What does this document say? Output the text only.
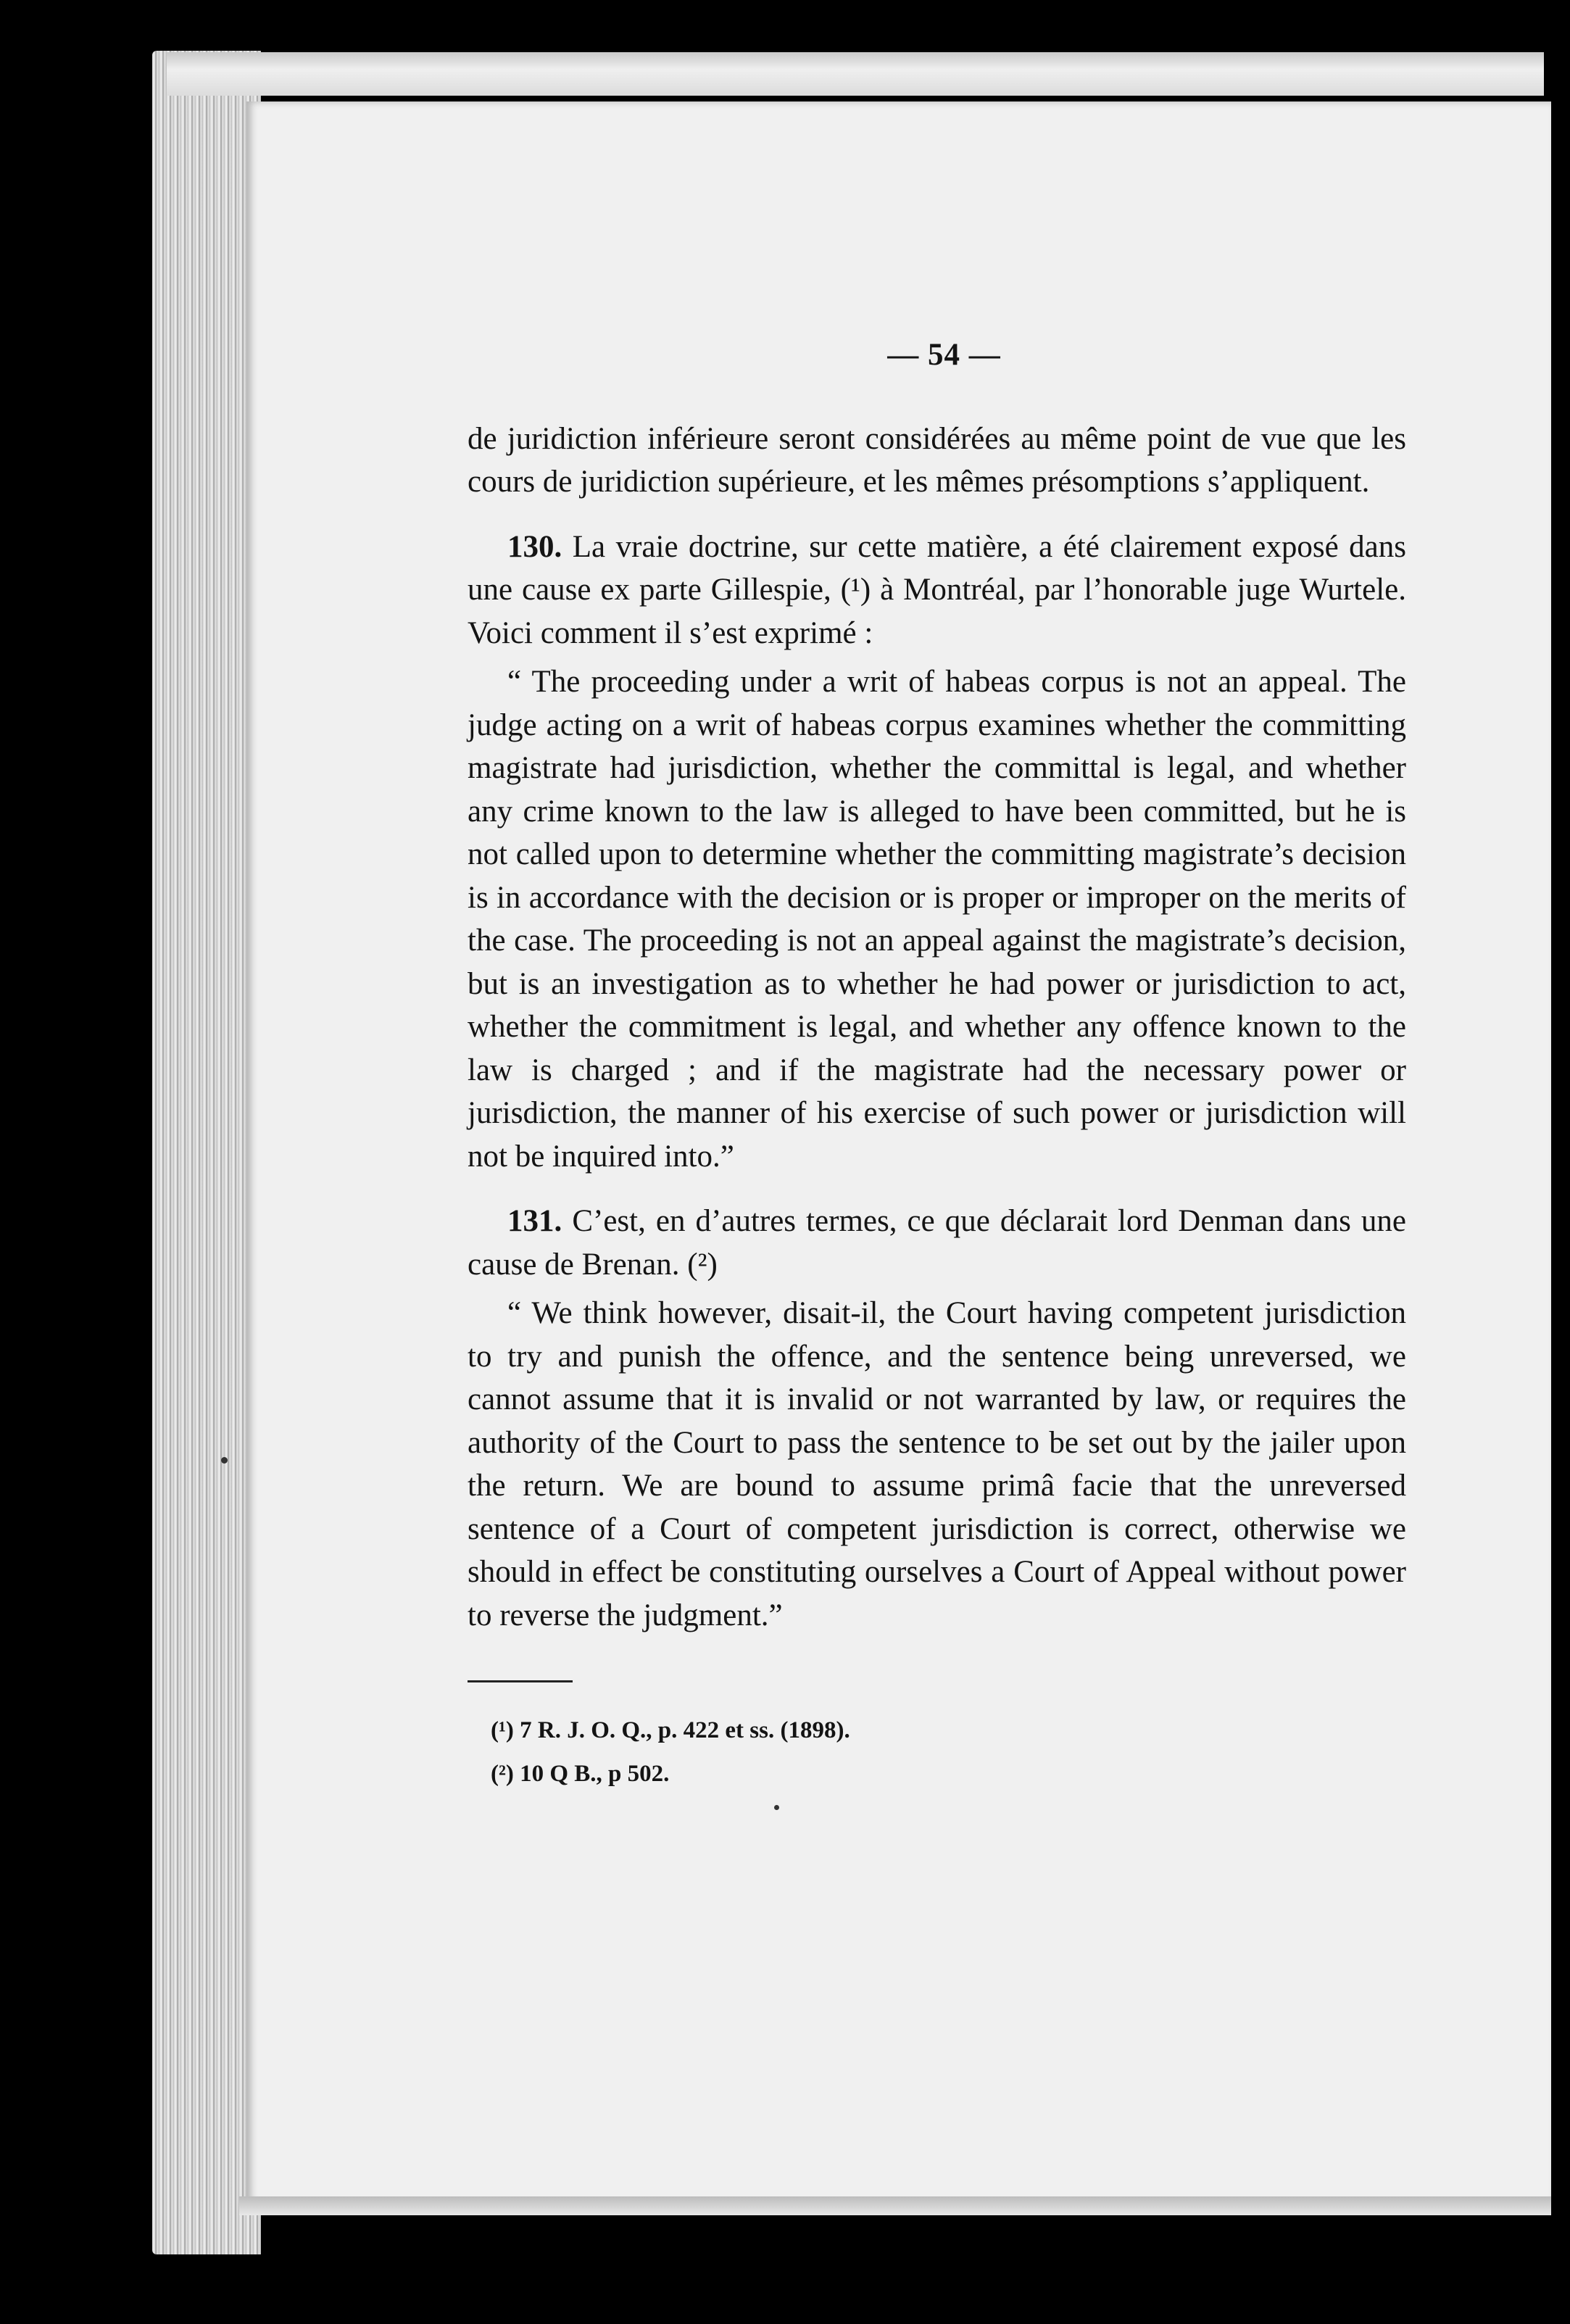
— 54 —

de juridiction inférieure seront considérées au même point de vue que les cours de juridiction supérieure, et les mêmes présomptions s’appliquent.

130. La vraie doctrine, sur cette matière, a été clairement exposé dans une cause ex parte Gillespie, (¹) à Montréal, par l’honorable juge Wurtele. Voici comment il s’est exprimé :

“ The proceeding under a writ of habeas corpus is not an appeal. The judge acting on a writ of habeas corpus examines whether the committing magistrate had jurisdiction, whether the committal is legal, and whether any crime known to the law is alleged to have been committed, but he is not called upon to determine whether the committing magistrate’s decision is in accordance with the decision or is proper or improper on the merits of the case. The proceeding is not an appeal against the magistrate’s decision, but is an investigation as to whether he had power or jurisdiction to act, whether the commitment is legal, and whether any offence known to the law is charged ; and if the magistrate had the necessary power or jurisdiction, the manner of his exercise of such power or jurisdiction will not be inquired into.”

131. C’est, en d’autres termes, ce que déclarait lord Denman dans une cause de Brenan. (²)

“ We think however, disait-il, the Court having competent jurisdiction to try and punish the offence, and the sentence being unreversed, we cannot assume that it is invalid or not warranted by law, or requires the authority of the Court to pass the sentence to be set out by the jailer upon the return. We are bound to assume primâ facie that the unreversed sentence of a Court of competent jurisdiction is correct, otherwise we should in effect be constituting ourselves a Court of Appeal without power to reverse the judgment.”

(¹) 7 R. J. O. Q., p. 422 et ss. (1898).
(²) 10 Q B., p 502.
